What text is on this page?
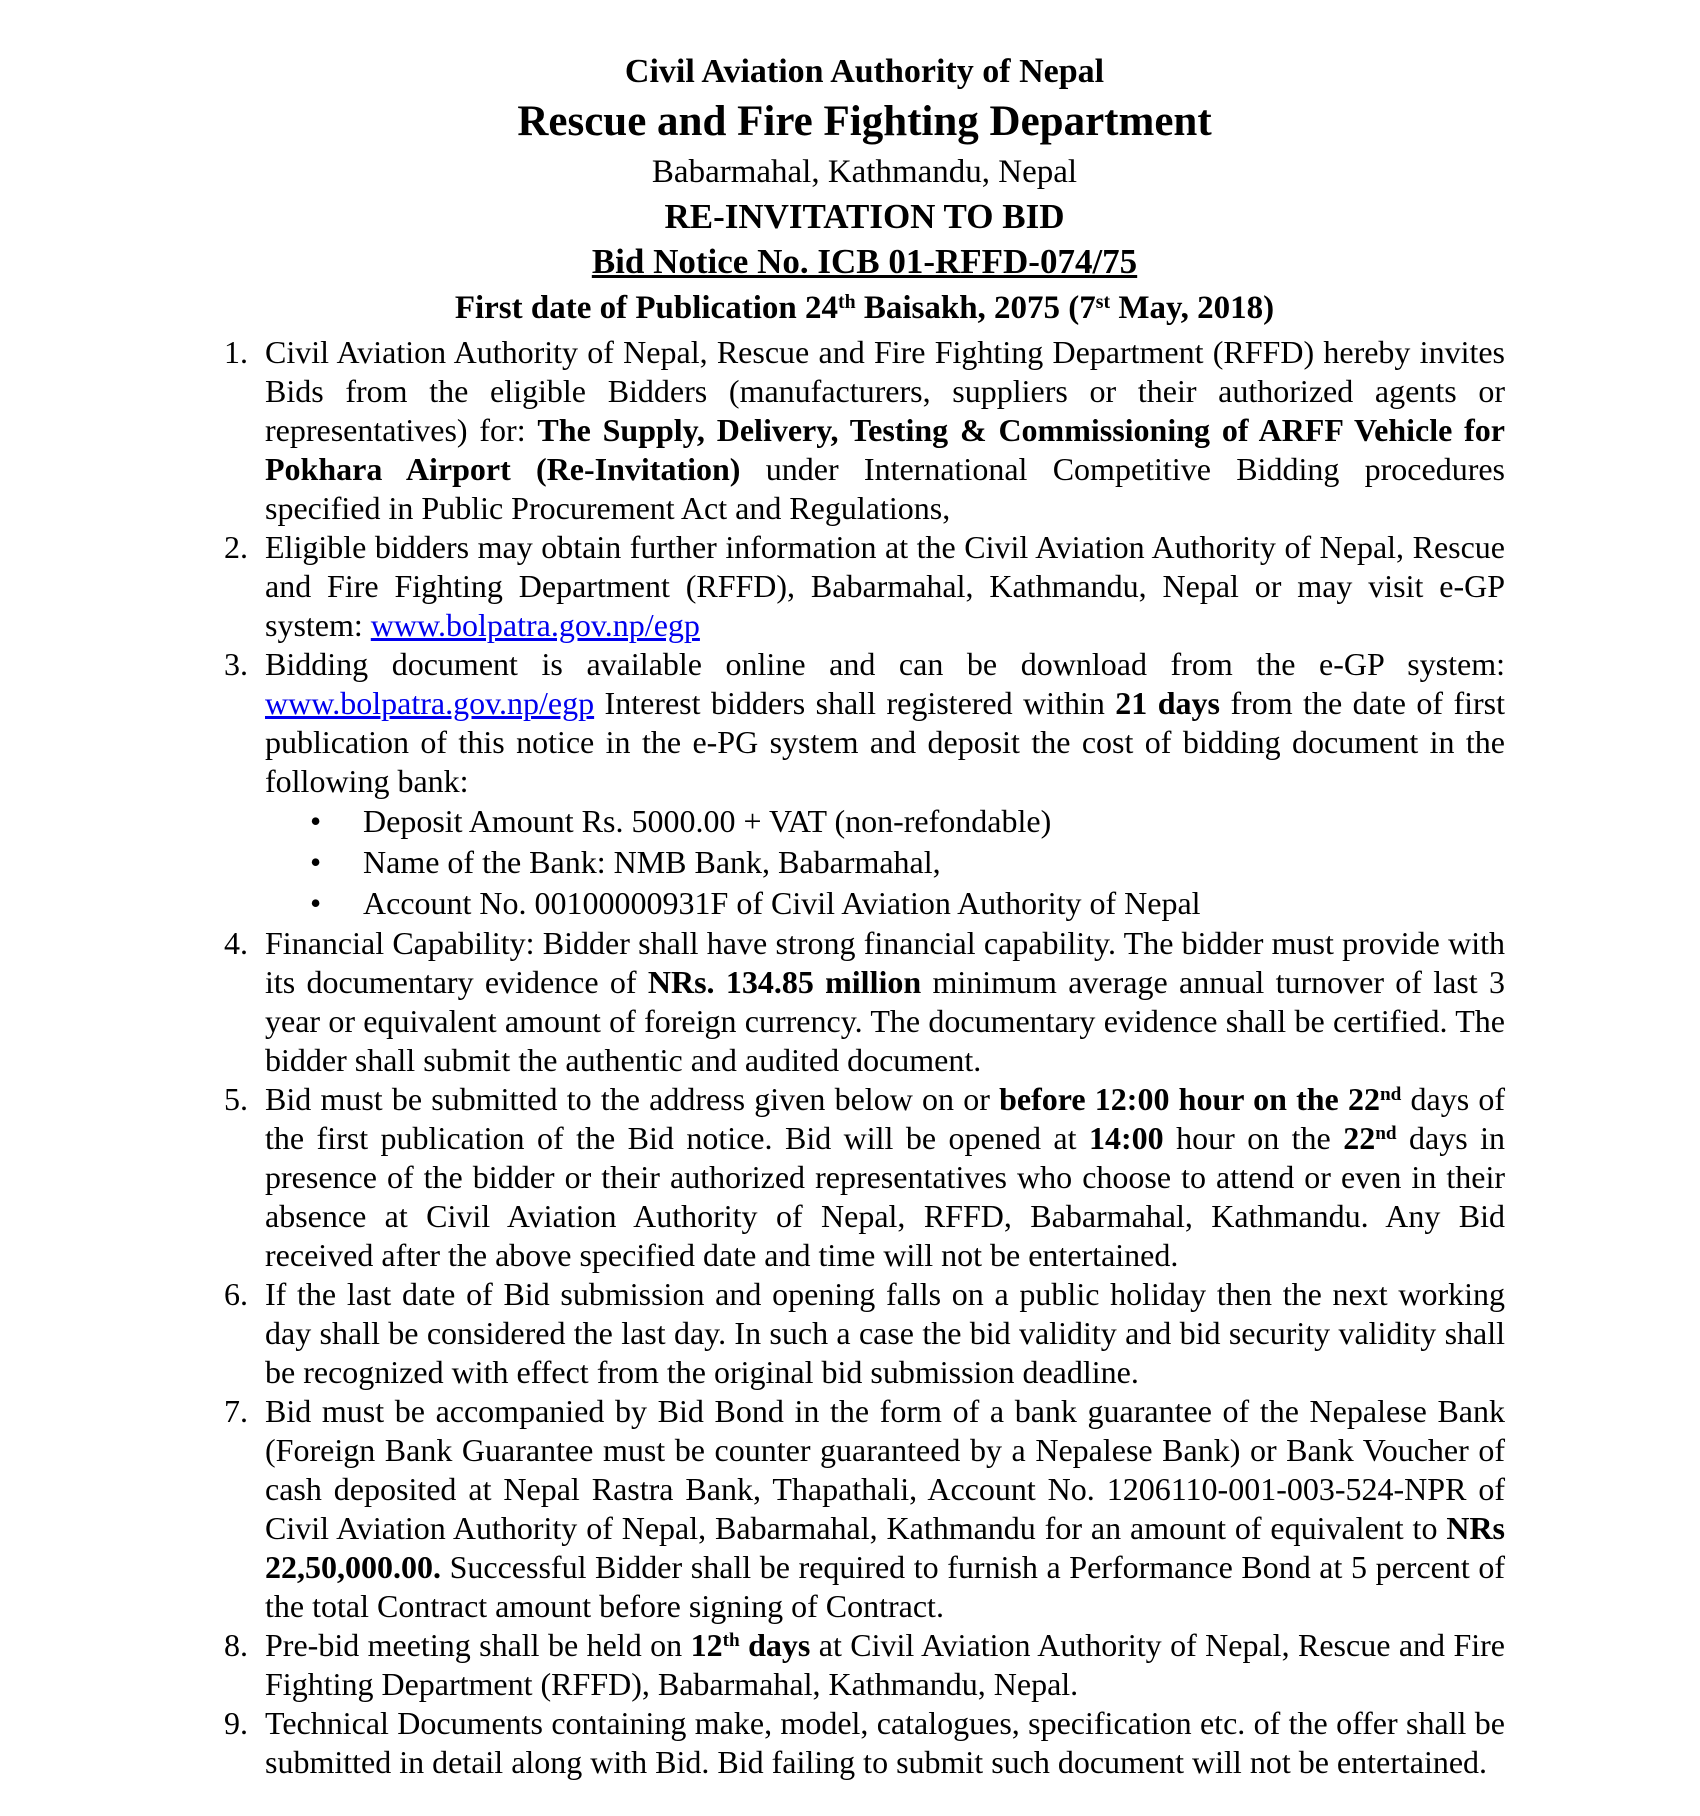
Civil Aviation Authority of Nepal
Rescue and Fire Fighting Department
Babarmahal, Kathmandu, Nepal
RE-INVITATION TO BID
Bid Notice No. ICB 01-RFFD-074/75
First date of Publication 24th Baisakh, 2075 (7st May, 2018)
1. Civil Aviation Authority of Nepal, Rescue and Fire Fighting Department (RFFD) hereby invites Bids from the eligible Bidders (manufacturers, suppliers or their authorized agents or representatives) for: The Supply, Delivery, Testing & Commissioning of ARFF Vehicle for Pokhara Airport (Re-Invitation) under International Competitive Bidding procedures specified in Public Procurement Act and Regulations,
2. Eligible bidders may obtain further information at the Civil Aviation Authority of Nepal, Rescue and Fire Fighting Department (RFFD), Babarmahal, Kathmandu, Nepal or may visit e-GP system: www.bolpatra.gov.np/egp
3. Bidding document is available online and can be download from the e-GP system: www.bolpatra.gov.np/egp Interest bidders shall registered within 21 days from the date of first publication of this notice in the e-PG system and deposit the cost of bidding document in the following bank:
• Deposit Amount Rs. 5000.00 + VAT (non-refondable)
• Name of the Bank: NMB Bank, Babarmahal,
• Account No. 00100000931F of Civil Aviation Authority of Nepal
4. Financial Capability: Bidder shall have strong financial capability. The bidder must provide with its documentary evidence of NRs. 134.85 million minimum average annual turnover of last 3 year or equivalent amount of foreign currency. The documentary evidence shall be certified. The bidder shall submit the authentic and audited document.
5. Bid must be submitted to the address given below on or before 12:00 hour on the 22nd days of the first publication of the Bid notice. Bid will be opened at 14:00 hour on the 22nd days in presence of the bidder or their authorized representatives who choose to attend or even in their absence at Civil Aviation Authority of Nepal, RFFD, Babarmahal, Kathmandu. Any Bid received after the above specified date and time will not be entertained.
6. If the last date of Bid submission and opening falls on a public holiday then the next working day shall be considered the last day. In such a case the bid validity and bid security validity shall be recognized with effect from the original bid submission deadline.
7. Bid must be accompanied by Bid Bond in the form of a bank guarantee of the Nepalese Bank (Foreign Bank Guarantee must be counter guaranteed by a Nepalese Bank) or Bank Voucher of cash deposited at Nepal Rastra Bank, Thapathali, Account No. 1206110-001-003-524-NPR of Civil Aviation Authority of Nepal, Babarmahal, Kathmandu for an amount of equivalent to NRs 22,50,000.00. Successful Bidder shall be required to furnish a Performance Bond at 5 percent of the total Contract amount before signing of Contract.
8. Pre-bid meeting shall be held on 12th days at Civil Aviation Authority of Nepal, Rescue and Fire Fighting Department (RFFD), Babarmahal, Kathmandu, Nepal.
9. Technical Documents containing make, model, catalogues, specification etc. of the offer shall be submitted in detail along with Bid. Bid failing to submit such document will not be entertained.
